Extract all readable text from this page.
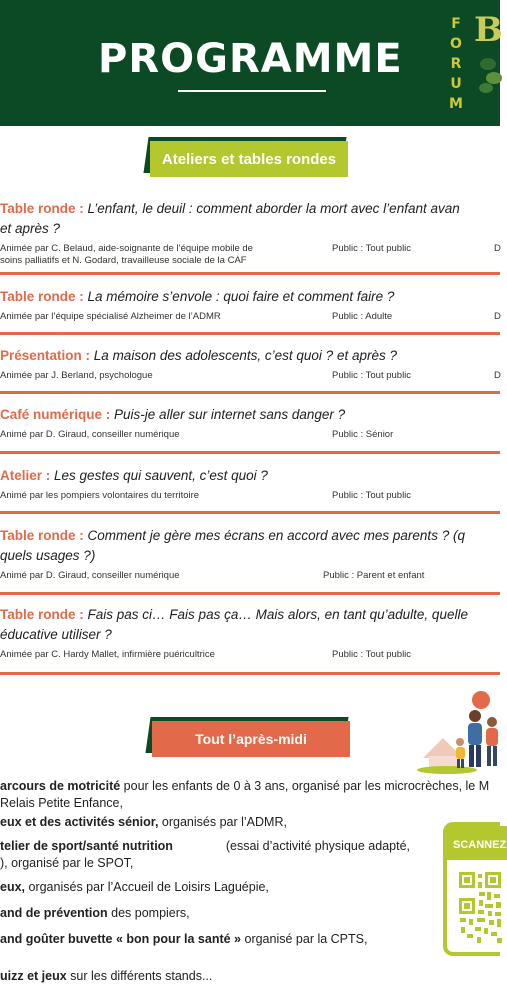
PROGRAMME
F
O
R
U
M
B
Ateliers et tables rondes
Table ronde : L’enfant, le deuil : comment aborder la mort avec l’enfant avan
et après ?
Animée par C. Belaud, aide-soignante de l’équipe mobile de
soins palliatifs et N. Godard, travailleuse sociale de la CAF
Public : Tout public	D
Table ronde : La mémoire s’envole : quoi faire et comment faire ?
Animée par l’équipe spécialisé Alzheimer de l’ADMR	Public : Adulte	D
Présentation : La maison des adolescents, c’est quoi ? et après ?
Animée par J. Berland, psychologue	Public : Tout public	D
Café numérique : Puis-je aller sur internet sans danger ?
Animé par D. Giraud, conseiller numérique	Public : Sénior
Atelier : Les gestes qui sauvent, c’est quoi ?
Animé par les pompiers volontaires du territoire	Public : Tout public
Table ronde : Comment je gère mes écrans en accord avec mes parents ? (q
quels usages ?)
Animé par D. Giraud, conseiller numérique	Public : Parent et enfant
Table ronde : Fais pas ci… Fais pas ça… Mais alors, en tant qu’adulte, quelle
éducative utiliser ?
Animée par C. Hardy Mallet, infirmière puéricultrice	Public : Tout public
Tout l’après-midi
arcours de motricité pour les enfants de 0 à 3 ans, organisé par les microcrèches, le M
Relais Petite Enfance,
eux et des activités sénior, organisés par l’ADMR,
telier de sport/santé nutrition	(essai d’activité physique adapté,
), organisé par le SPOT,
eux, organisés par l’Accueil de Loisirs Laguépie,
and de prévention des pompiers,
and goûter buvette « bon pour la santé » organisé par la CPTS,
uizz et jeux sur les différents stands...
SCANNEZ
